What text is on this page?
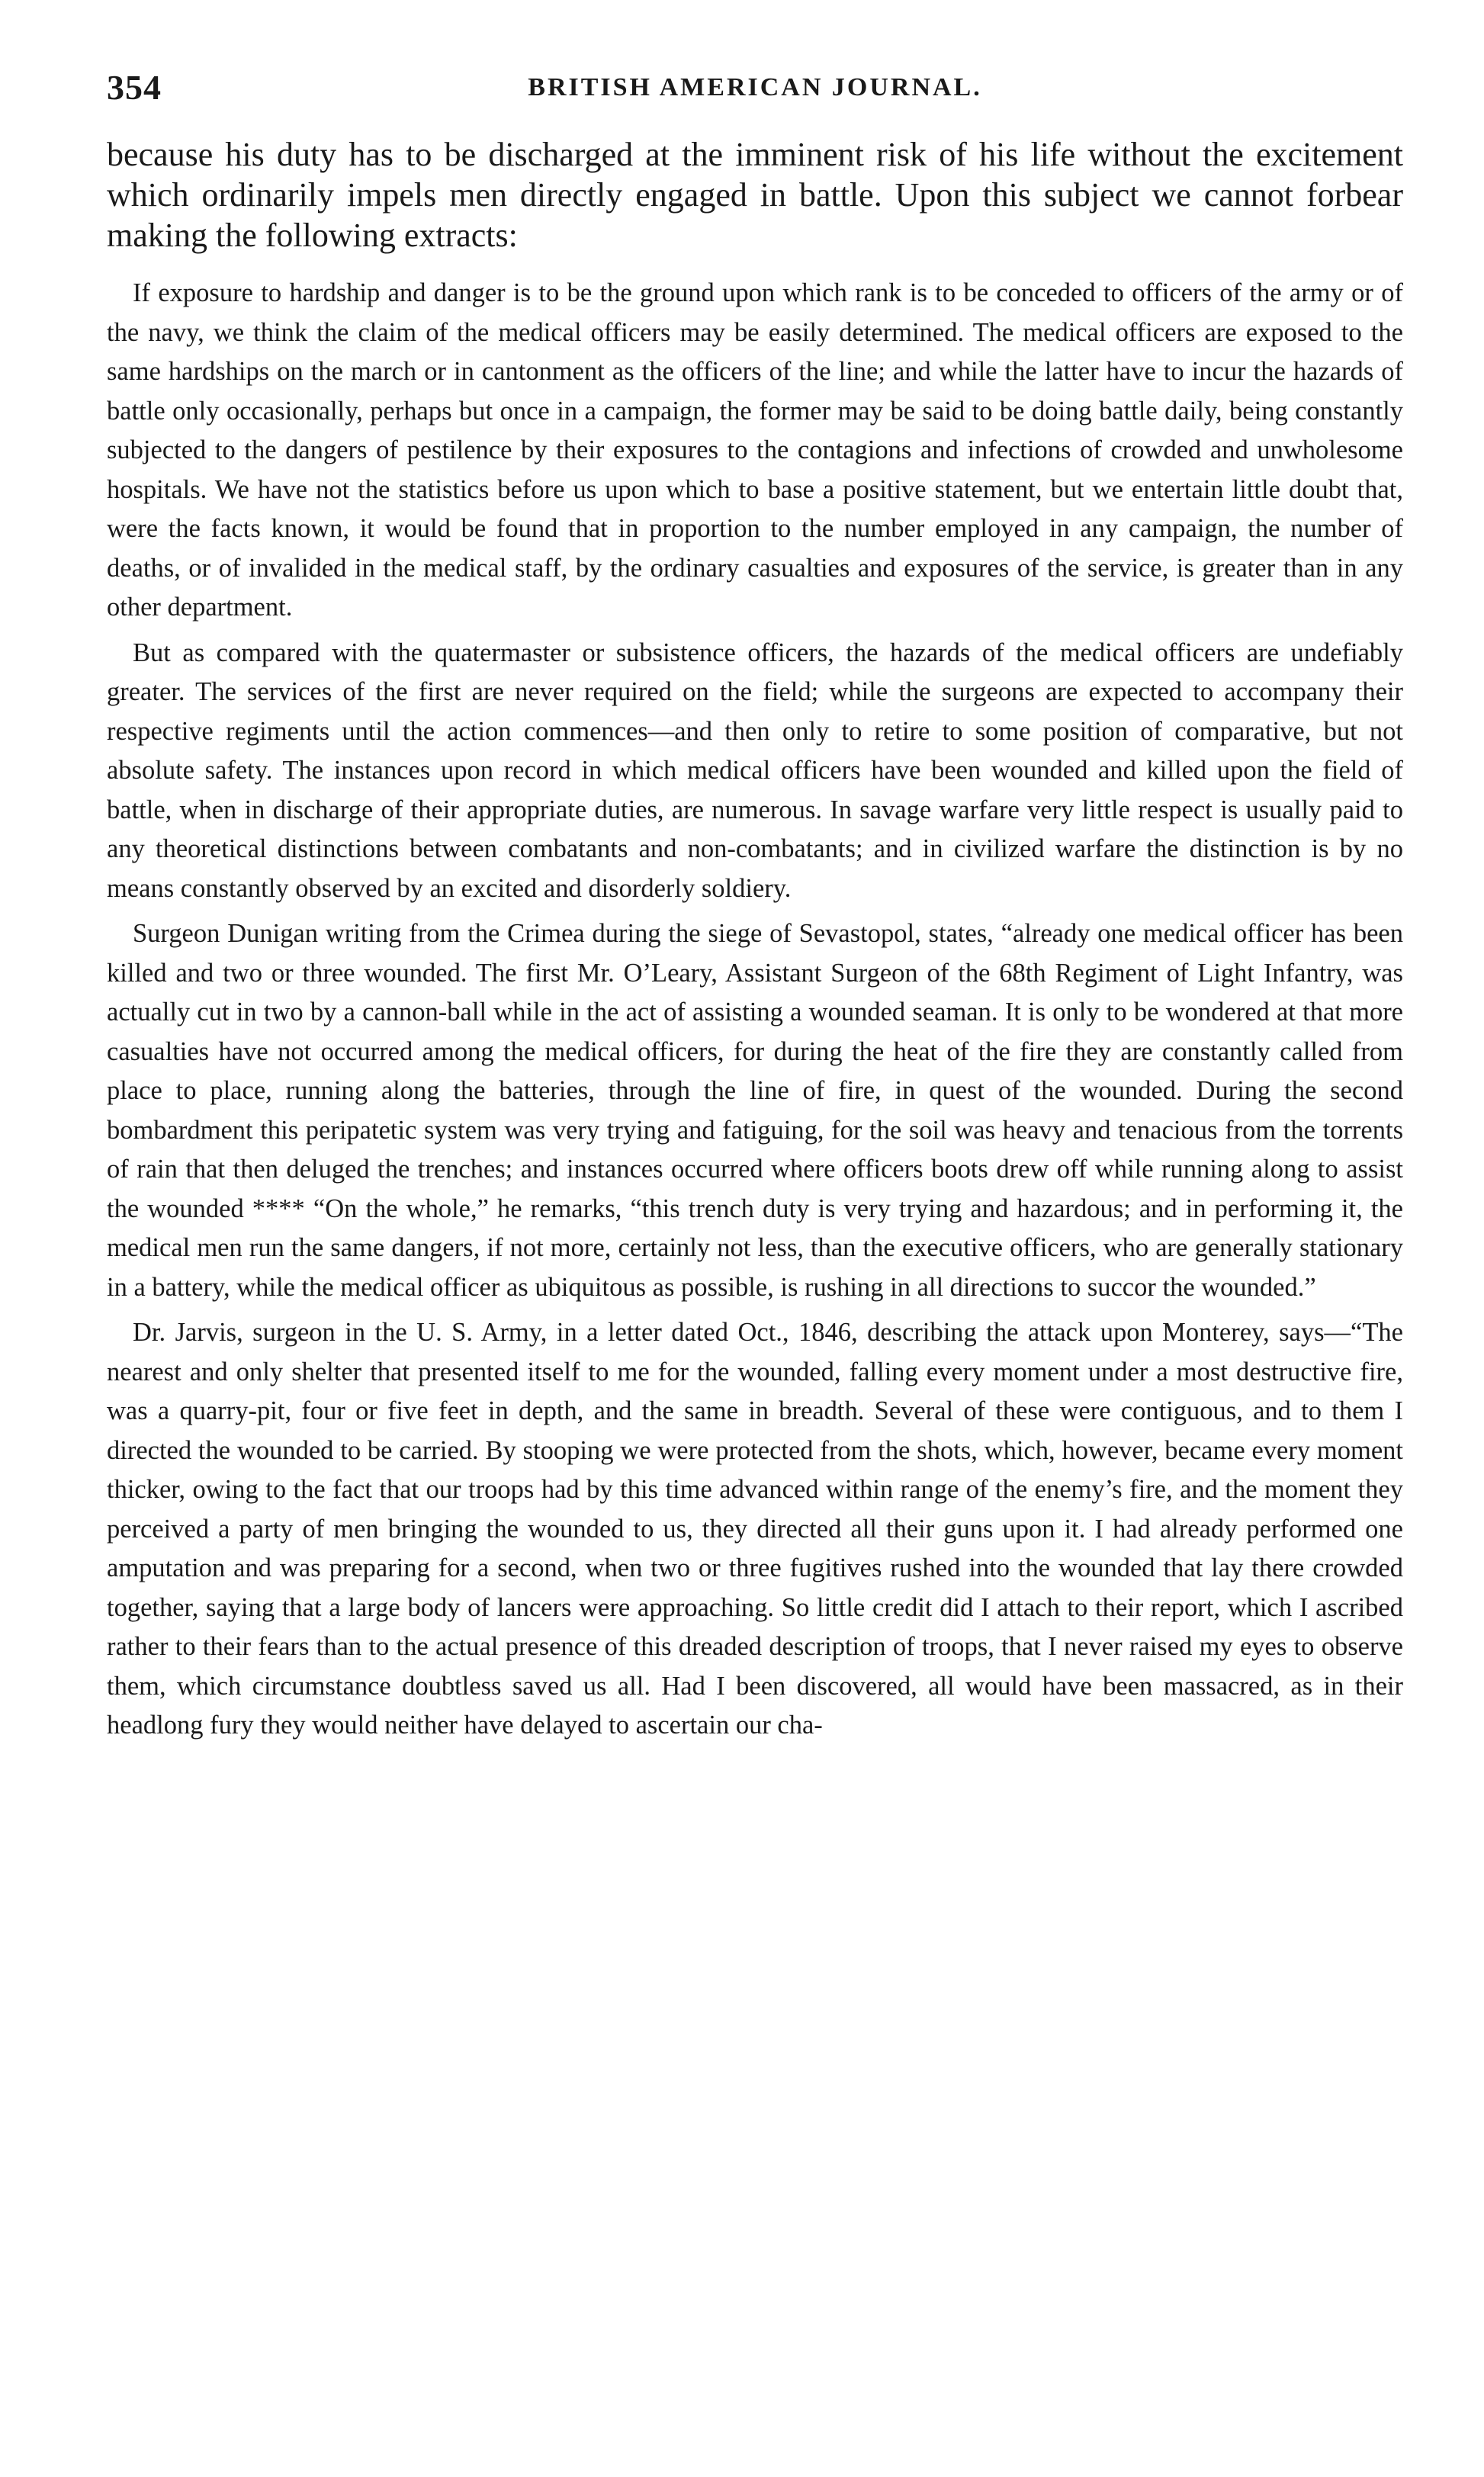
354	BRITISH AMERICAN JOURNAL.

because his duty has to be discharged at the imminent risk of his life without the excitement which ordinarily impels men directly engaged in battle. Upon this subject we cannot forbear making the following extracts:

If exposure to hardship and danger is to be the ground upon which rank is to be conceded to officers of the army or of the navy, we think the claim of the medical officers may be easily determined. The medical officers are exposed to the same hardships on the march or in cantonment as the officers of the line; and while the latter have to incur the hazards of battle only occasionally, perhaps but once in a campaign, the former may be said to be doing battle daily, being constantly subjected to the dangers of pestilence by their exposures to the contagions and infections of crowded and unwholesome hospitals. We have not the statistics before us upon which to base a positive statement, but we entertain little doubt that, were the facts known, it would be found that in proportion to the number employed in any campaign, the number of deaths, or of invalided in the medical staff, by the ordinary casualties and exposures of the service, is greater than in any other department.

But as compared with the quatermaster or subsistence officers, the hazards of the medical officers are undefiably greater. The services of the first are never required on the field; while the surgeons are expected to accompany their respective regiments until the action commences—and then only to retire to some position of comparative, but not absolute safety. The instances upon record in which medical officers have been wounded and killed upon the field of battle, when in discharge of their appropriate duties, are numerous. In savage warfare very little respect is usually paid to any theoretical distinctions between combatants and non-combatants; and in civilized warfare the distinction is by no means constantly observed by an excited and disorderly soldiery.

Surgeon Dunigan writing from the Crimea during the siege of Sevastopol, states, “already one medical officer has been killed and two or three wounded. The first Mr. O’Leary, Assistant Surgeon of the 68th Regiment of Light Infantry, was actually cut in two by a cannon-ball while in the act of assisting a wounded seaman. It is only to be wondered at that more casualties have not occurred among the medical officers, for during the heat of the fire they are constantly called from place to place, running along the batteries, through the line of fire, in quest of the wounded. During the second bombardment this peripatetic system was very trying and fatiguing, for the soil was heavy and tenacious from the torrents of rain that then deluged the trenches; and instances occurred where officers boots drew off while running along to assist the wounded **** “On the whole,” he remarks, “this trench duty is very trying and hazardous; and in performing it, the medical men run the same dangers, if not more, certainly not less, than the executive officers, who are generally stationary in a battery, while the medical officer as ubiquitous as possible, is rushing in all directions to succor the wounded.”

Dr. Jarvis, surgeon in the U. S. Army, in a letter dated Oct., 1846, describing the attack upon Monterey, says—“The nearest and only shelter that presented itself to me for the wounded, falling every moment under a most destructive fire, was a quarry-pit, four or five feet in depth, and the same in breadth. Several of these were contiguous, and to them I directed the wounded to be carried. By stooping we were protected from the shots, which, however, became every moment thicker, owing to the fact that our troops had by this time advanced within range of the enemy’s fire, and the moment they perceived a party of men bringing the wounded to us, they directed all their guns upon it. I had already performed one amputation and was preparing for a second, when two or three fugitives rushed into the wounded that lay there crowded together, saying that a large body of lancers were approaching. So little credit did I attach to their report, which I ascribed rather to their fears than to the actual presence of this dreaded description of troops, that I never raised my eyes to observe them, which circumstance doubtless saved us all. Had I been discovered, all would have been massacred, as in their headlong fury they would neither have delayed to ascertain our cha-
